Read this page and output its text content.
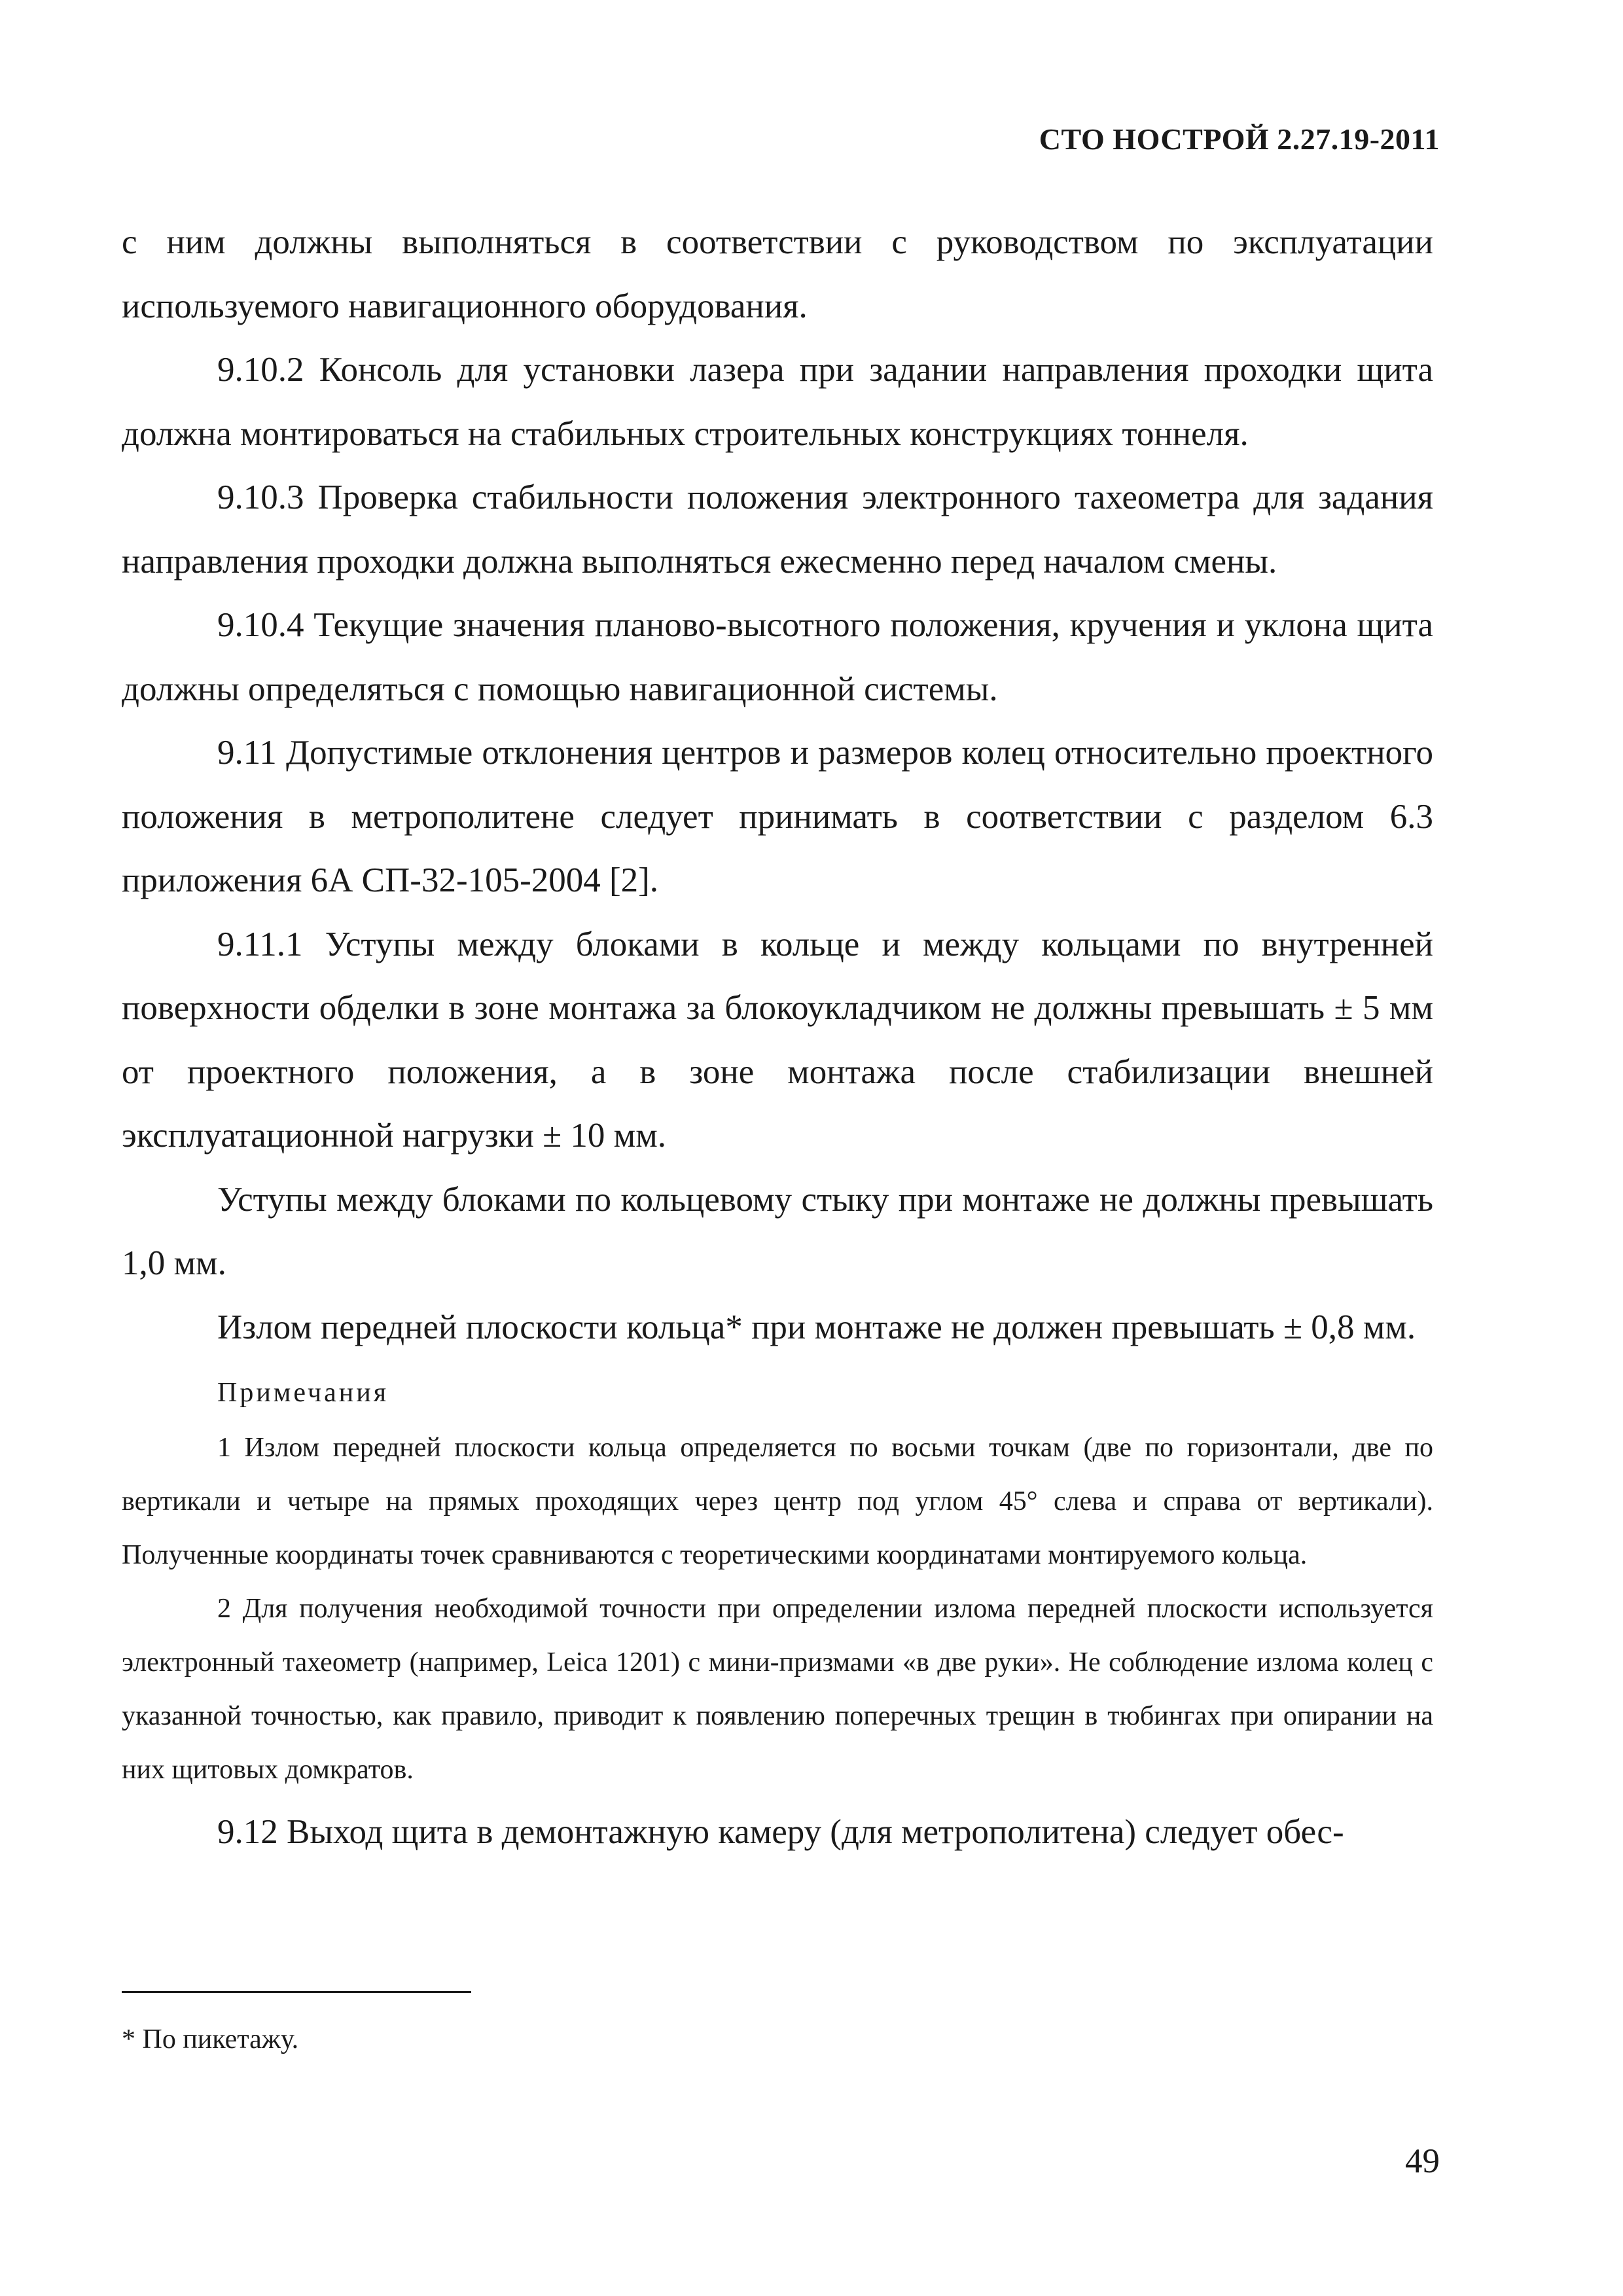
СТО НОСТРОЙ 2.27.19-2011

с ним должны выполняться в соответствии с руководством по эксплуатации используемого навигационного оборудования.

9.10.2 Консоль для установки лазера при задании направления проходки щита должна монтироваться на стабильных строительных конструкциях тоннеля.

9.10.3 Проверка стабильности положения электронного тахеометра для задания направления проходки должна выполняться ежесменно перед началом смены.

9.10.4 Текущие значения планово-высотного положения, кручения и уклона щита должны определяться с помощью навигационной системы.

9.11 Допустимые отклонения центров и размеров колец относительно проектного положения в метрополитене следует принимать в соответствии с разделом 6.3 приложения 6А СП-32-105-2004 [2].

9.11.1 Уступы между блоками в кольце и между кольцами по внутренней поверхности обделки в зоне монтажа за блокоукладчиком не должны превышать ± 5 мм от проектного положения, а в зоне монтажа после стабилизации внешней эксплуатационной нагрузки ± 10 мм.

Уступы между блоками по кольцевому стыку при монтаже не должны превышать 1,0 мм.

Излом передней плоскости кольца* при монтаже не должен превышать ± 0,8 мм.

Примечания

1 Излом передней плоскости кольца определяется по восьми точкам (две по горизонтали, две по вертикали и четыре на прямых проходящих через центр под углом 45° слева и справа от вертикали). Полученные координаты точек сравниваются с теоретическими координатами монтируемого кольца.

2 Для получения необходимой точности при определении излома передней плоскости используется электронный тахеометр (например, Leica 1201) с мини-призмами «в две руки». Не соблюдение излома колец с указанной точностью, как правило, приводит к появлению поперечных трещин в тюбингах при опирании на них щитовых домкратов.

9.12 Выход щита в демонтажную камеру (для метрополитена) следует обес-

* По пикетажу.
49
